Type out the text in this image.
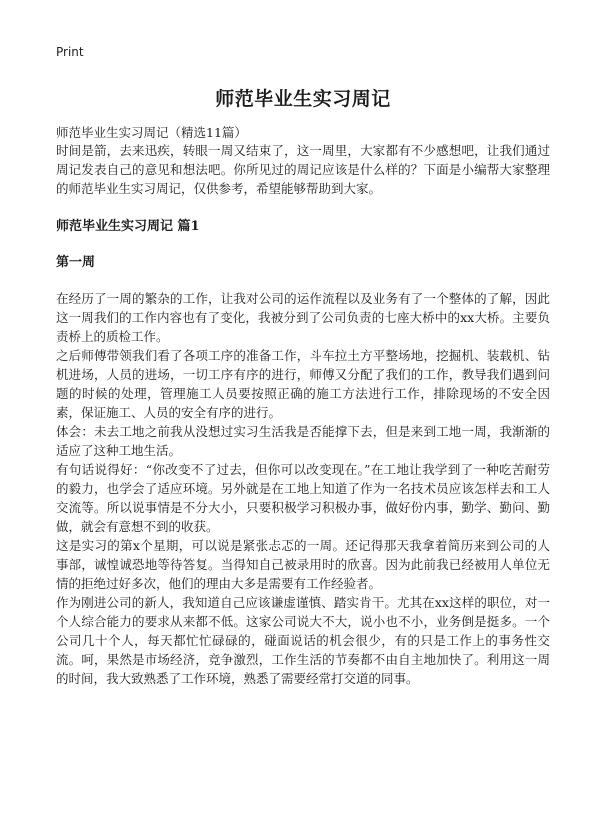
Print
师范毕业生实习周记
师范毕业生实习周记（精选11篇）

时间是箭，去来迅疾，转眼一周又结束了，这一周里，大家都有不少感想吧，让我们通过周记发表自己的意见和想法吧。你所见过的周记应该是什么样的？下面是小编帮大家整理的师范毕业生实习周记，仅供参考，希望能够帮助到大家。

师范毕业生实习周记 篇1
第一周

在经历了一周的繁杂的工作，让我对公司的运作流程以及业务有了一个整体的了解，因此这一周我们的工作内容也有了变化，我被分到了公司负责的七座大桥中的xx大桥。主要负责桥上的质检工作。

之后师傅带领我们看了各项工序的准备工作，斗车拉土方平整场地，挖掘机、装载机、钻机进场，人员的进场，一切工序有序的进行，师傅又分配了我们的工作，教导我们遇到问题的时候的处理，管理施工人员要按照正确的施工方法进行工作，排除现场的不安全因素，保证施工、人员的安全有序的进行。

体会：未去工地之前我从没想过实习生活我是否能撑下去，但是来到工地一周，我渐渐的适应了这种工地生活。

有句话说得好：“你改变不了过去，但你可以改变现在。”在工地让我学到了一种吃苦耐劳的毅力，也学会了适应环境。另外就是在工地上知道了作为一名技术员应该怎样去和工人交流等。所以说事情是不分大小，只要积极学习积极办事，做好份内事，勤学、勤问、勤做，就会有意想不到的收获。

这是实习的第x个星期，可以说是紧张忐忑的一周。还记得那天我拿着简历来到公司的人事部，诚惶诚恐地等待答复。当得知自己被录用时的欣喜。因为此前我已经被用人单位无情的拒绝过好多次，他们的理由大多是需要有工作经验者。

作为刚进公司的新人，我知道自己应该谦虚谨慎、踏实肯干。尤其在xx这样的职位，对一个人综合能力的要求从来都不低。这家公司说大不大，说小也不小，业务倒是挺多。一个公司几十个人，每天都忙忙碌碌的，碰面说话的机会很少，有的只是工作上的事务性交流。呵，果然是市场经济，竞争激烈，工作生活的节奏都不由自主地加快了。利用这一周的时间，我大致熟悉了工作环境，熟悉了需要经常打交道的同事。
